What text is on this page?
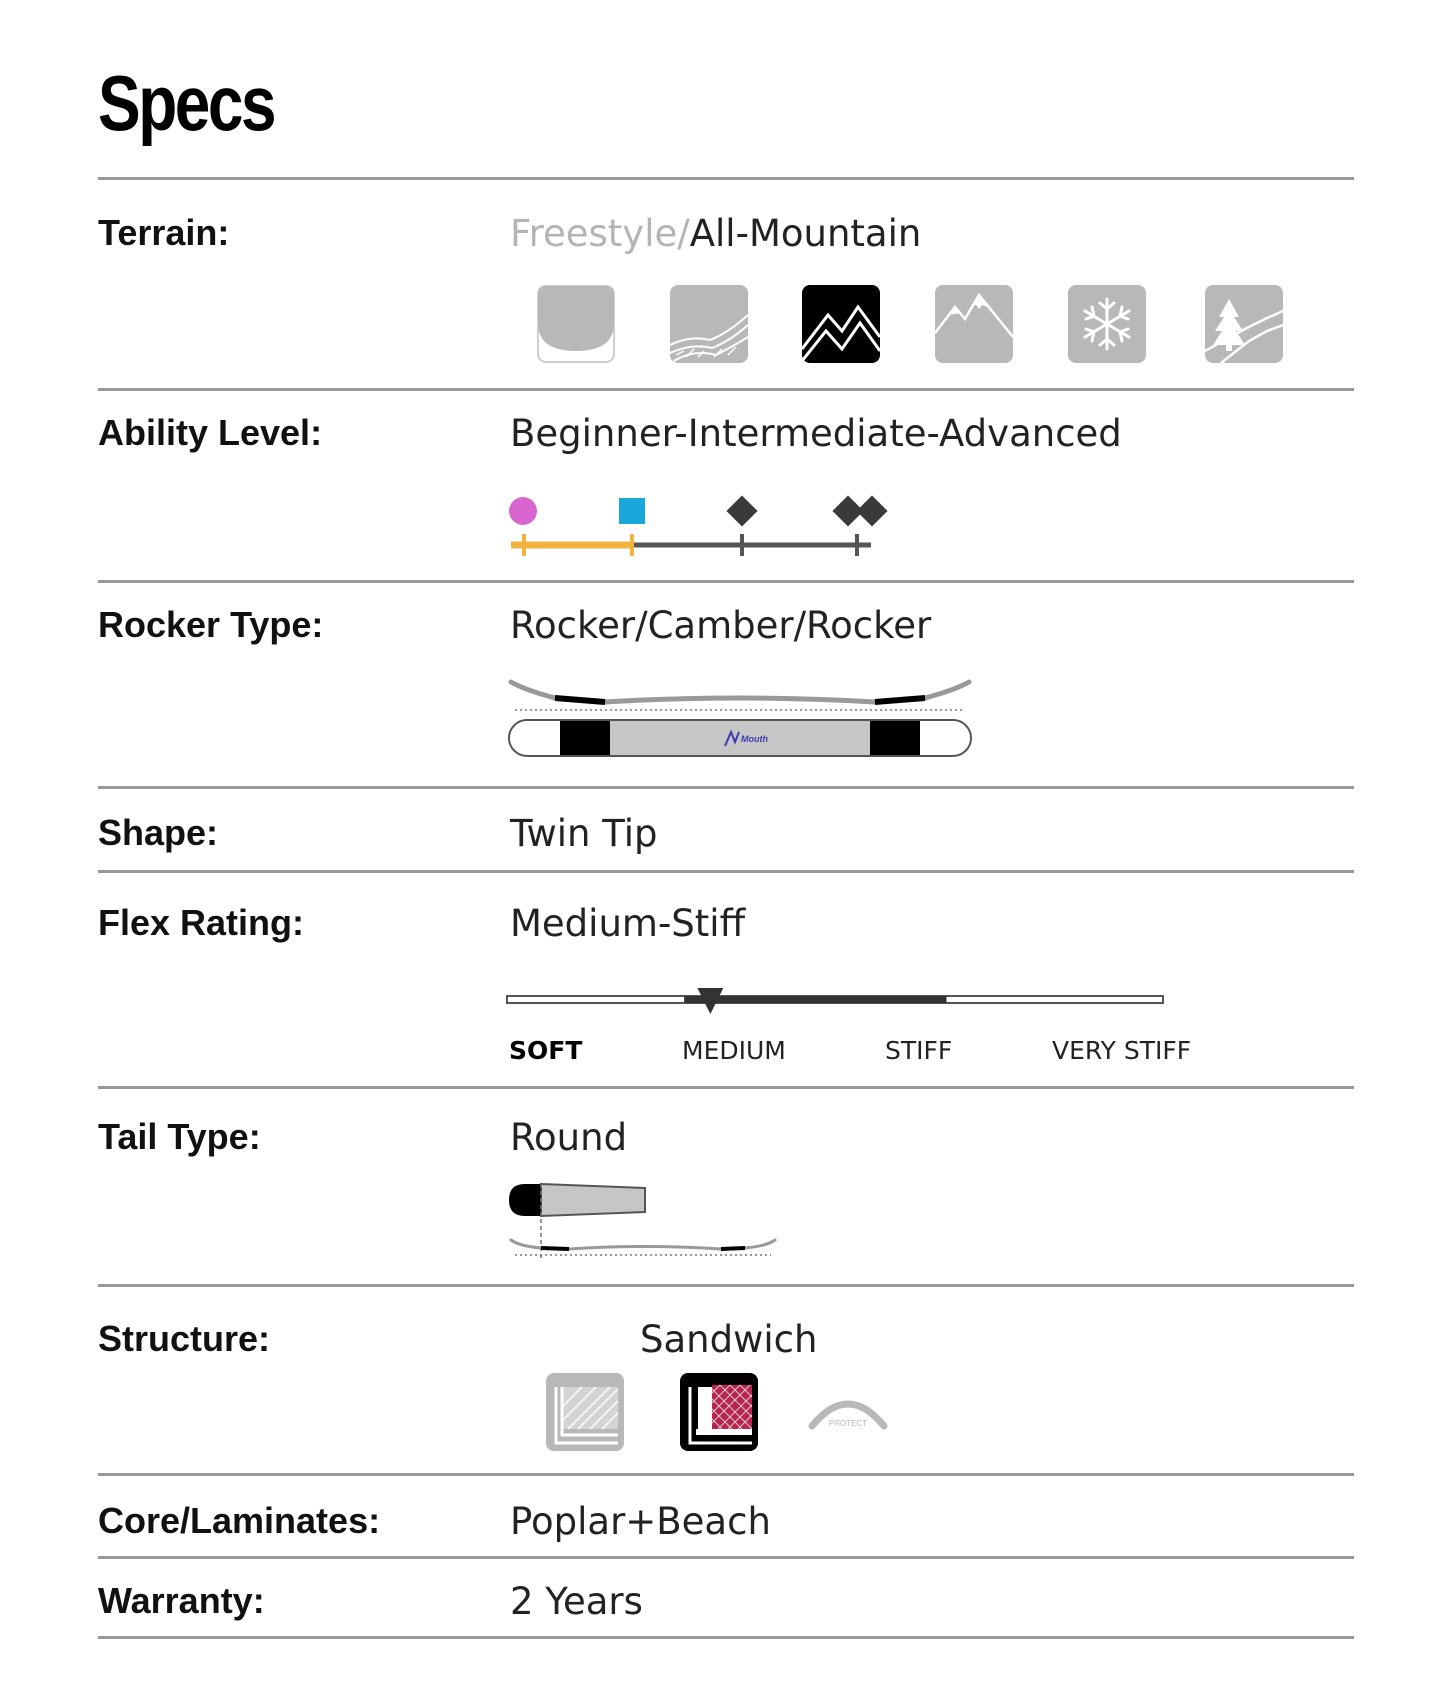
Specs
Terrain:	Freestyle/All-Mountain
Ability Level:	Beginner-Intermediate-Advanced
Rocker Type:	Rocker/Camber/Rocker
Mouth
Shape:	Twin Tip
Flex Rating:	Medium-Stiff
SOFT	MEDIUM	STIFF	VERY STIFF
Tail Type:	Round
Structure:	Sandwich
PROTECT
Core/Laminates:	Poplar+Beach
Warranty:	2 Years
